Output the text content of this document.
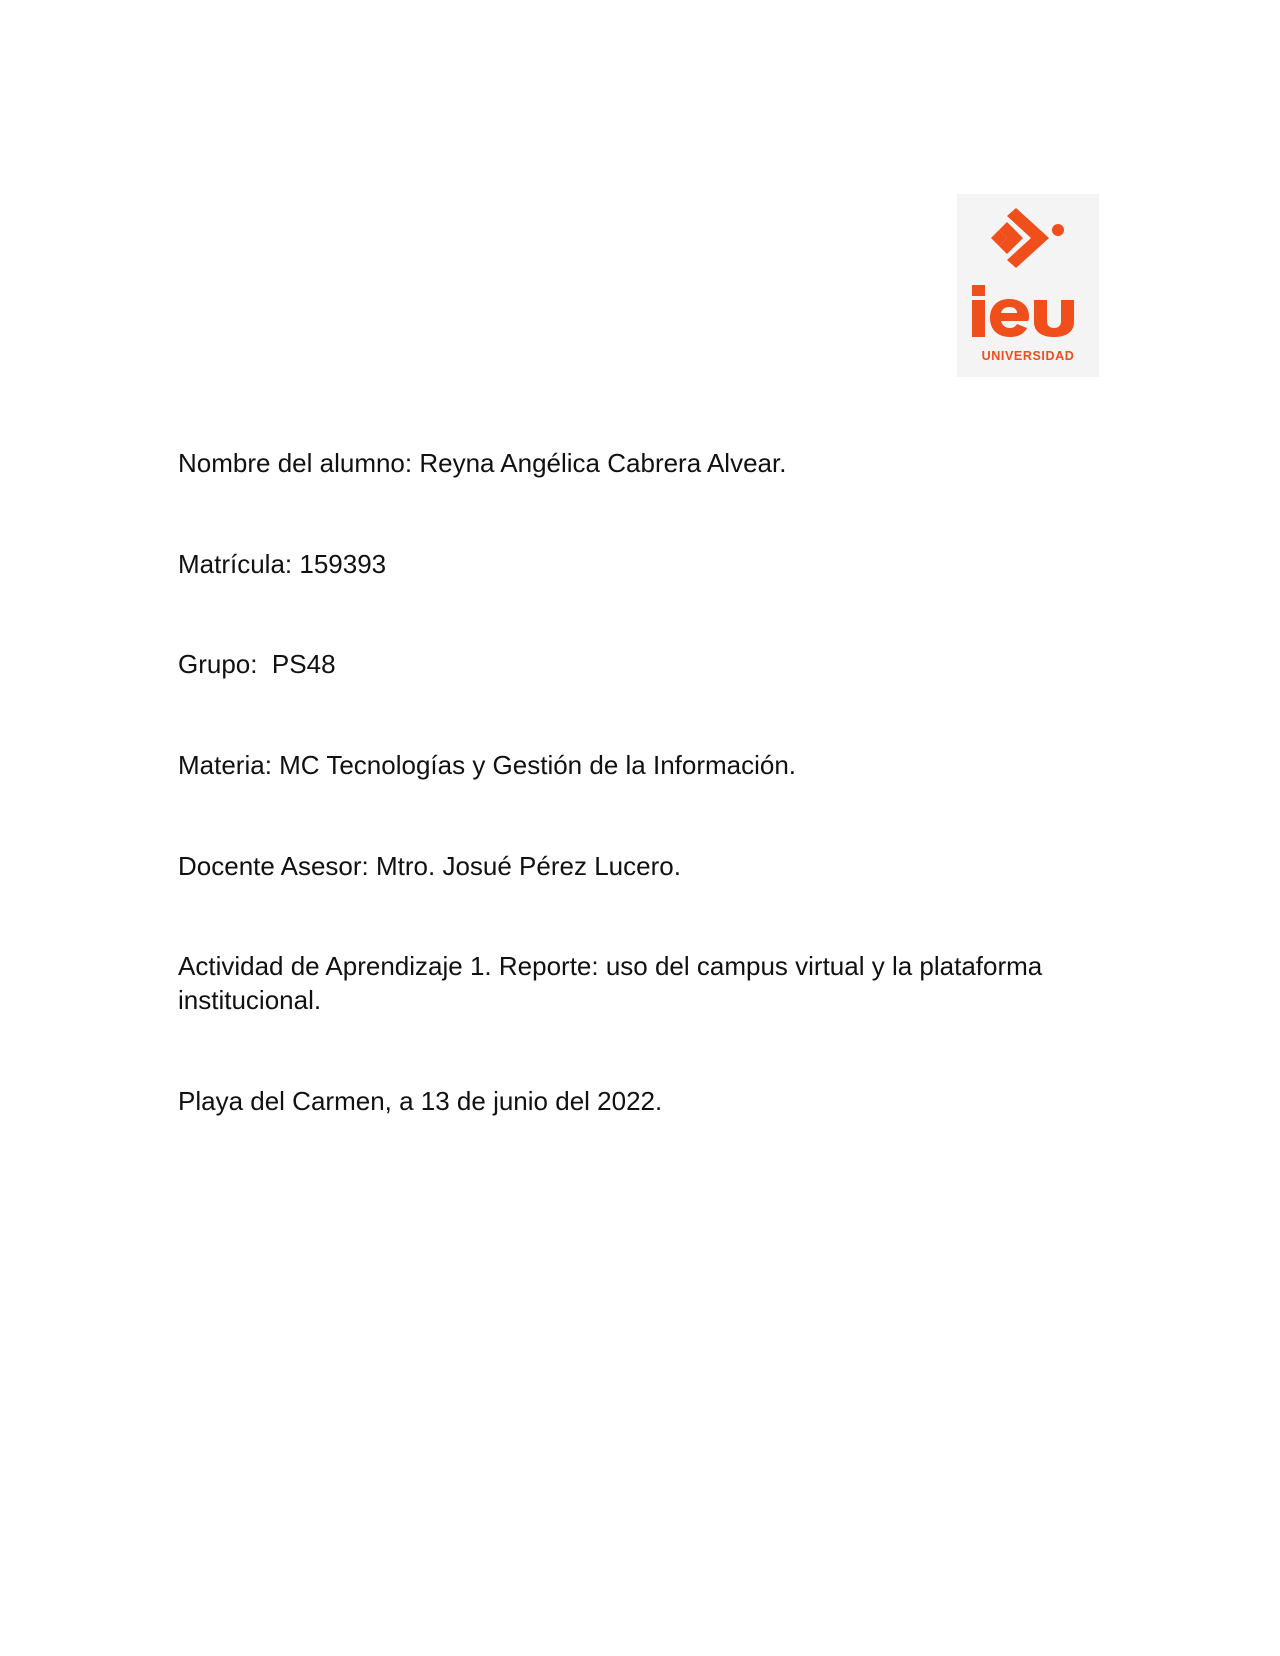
UNIVERSIDAD

Nombre del alumno: Reyna Angélica Cabrera Alvear.

Matrícula: 159393

Grupo:  PS48

Materia: MC Tecnologías y Gestión de la Información.

Docente Asesor: Mtro. Josué Pérez Lucero.

Actividad de Aprendizaje 1. Reporte: uso del campus virtual y la plataforma institucional.

Playa del Carmen, a 13 de junio del 2022.
